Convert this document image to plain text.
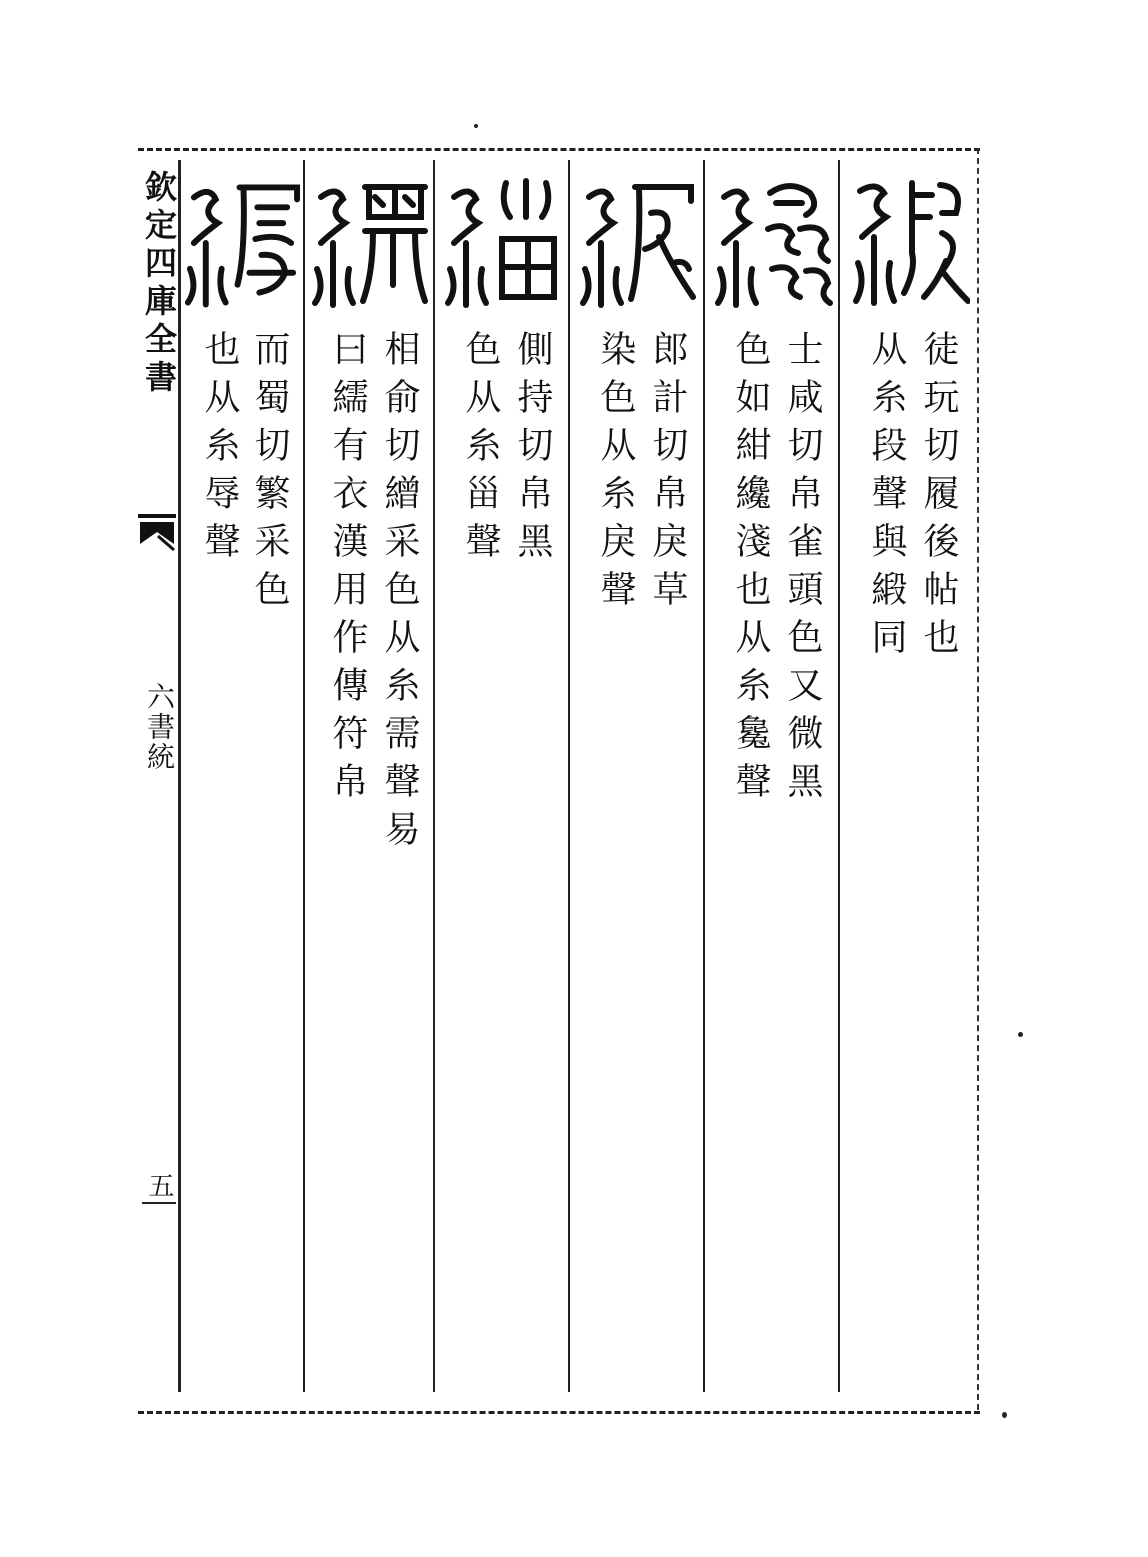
欽定四庫全書
六書統
五
徒玩切履後帖也
从糸段聲與緞同
士咸切帛雀頭色又微黑
色如紺纔淺也从糸毚聲
郎計切帛戾草
染色从糸戾聲
側持切帛黑
色从糸甾聲
相俞切繒采色从糸需聲易
曰繻有衣漢用作傳符帛
而蜀切繁采色
也从糸辱聲
